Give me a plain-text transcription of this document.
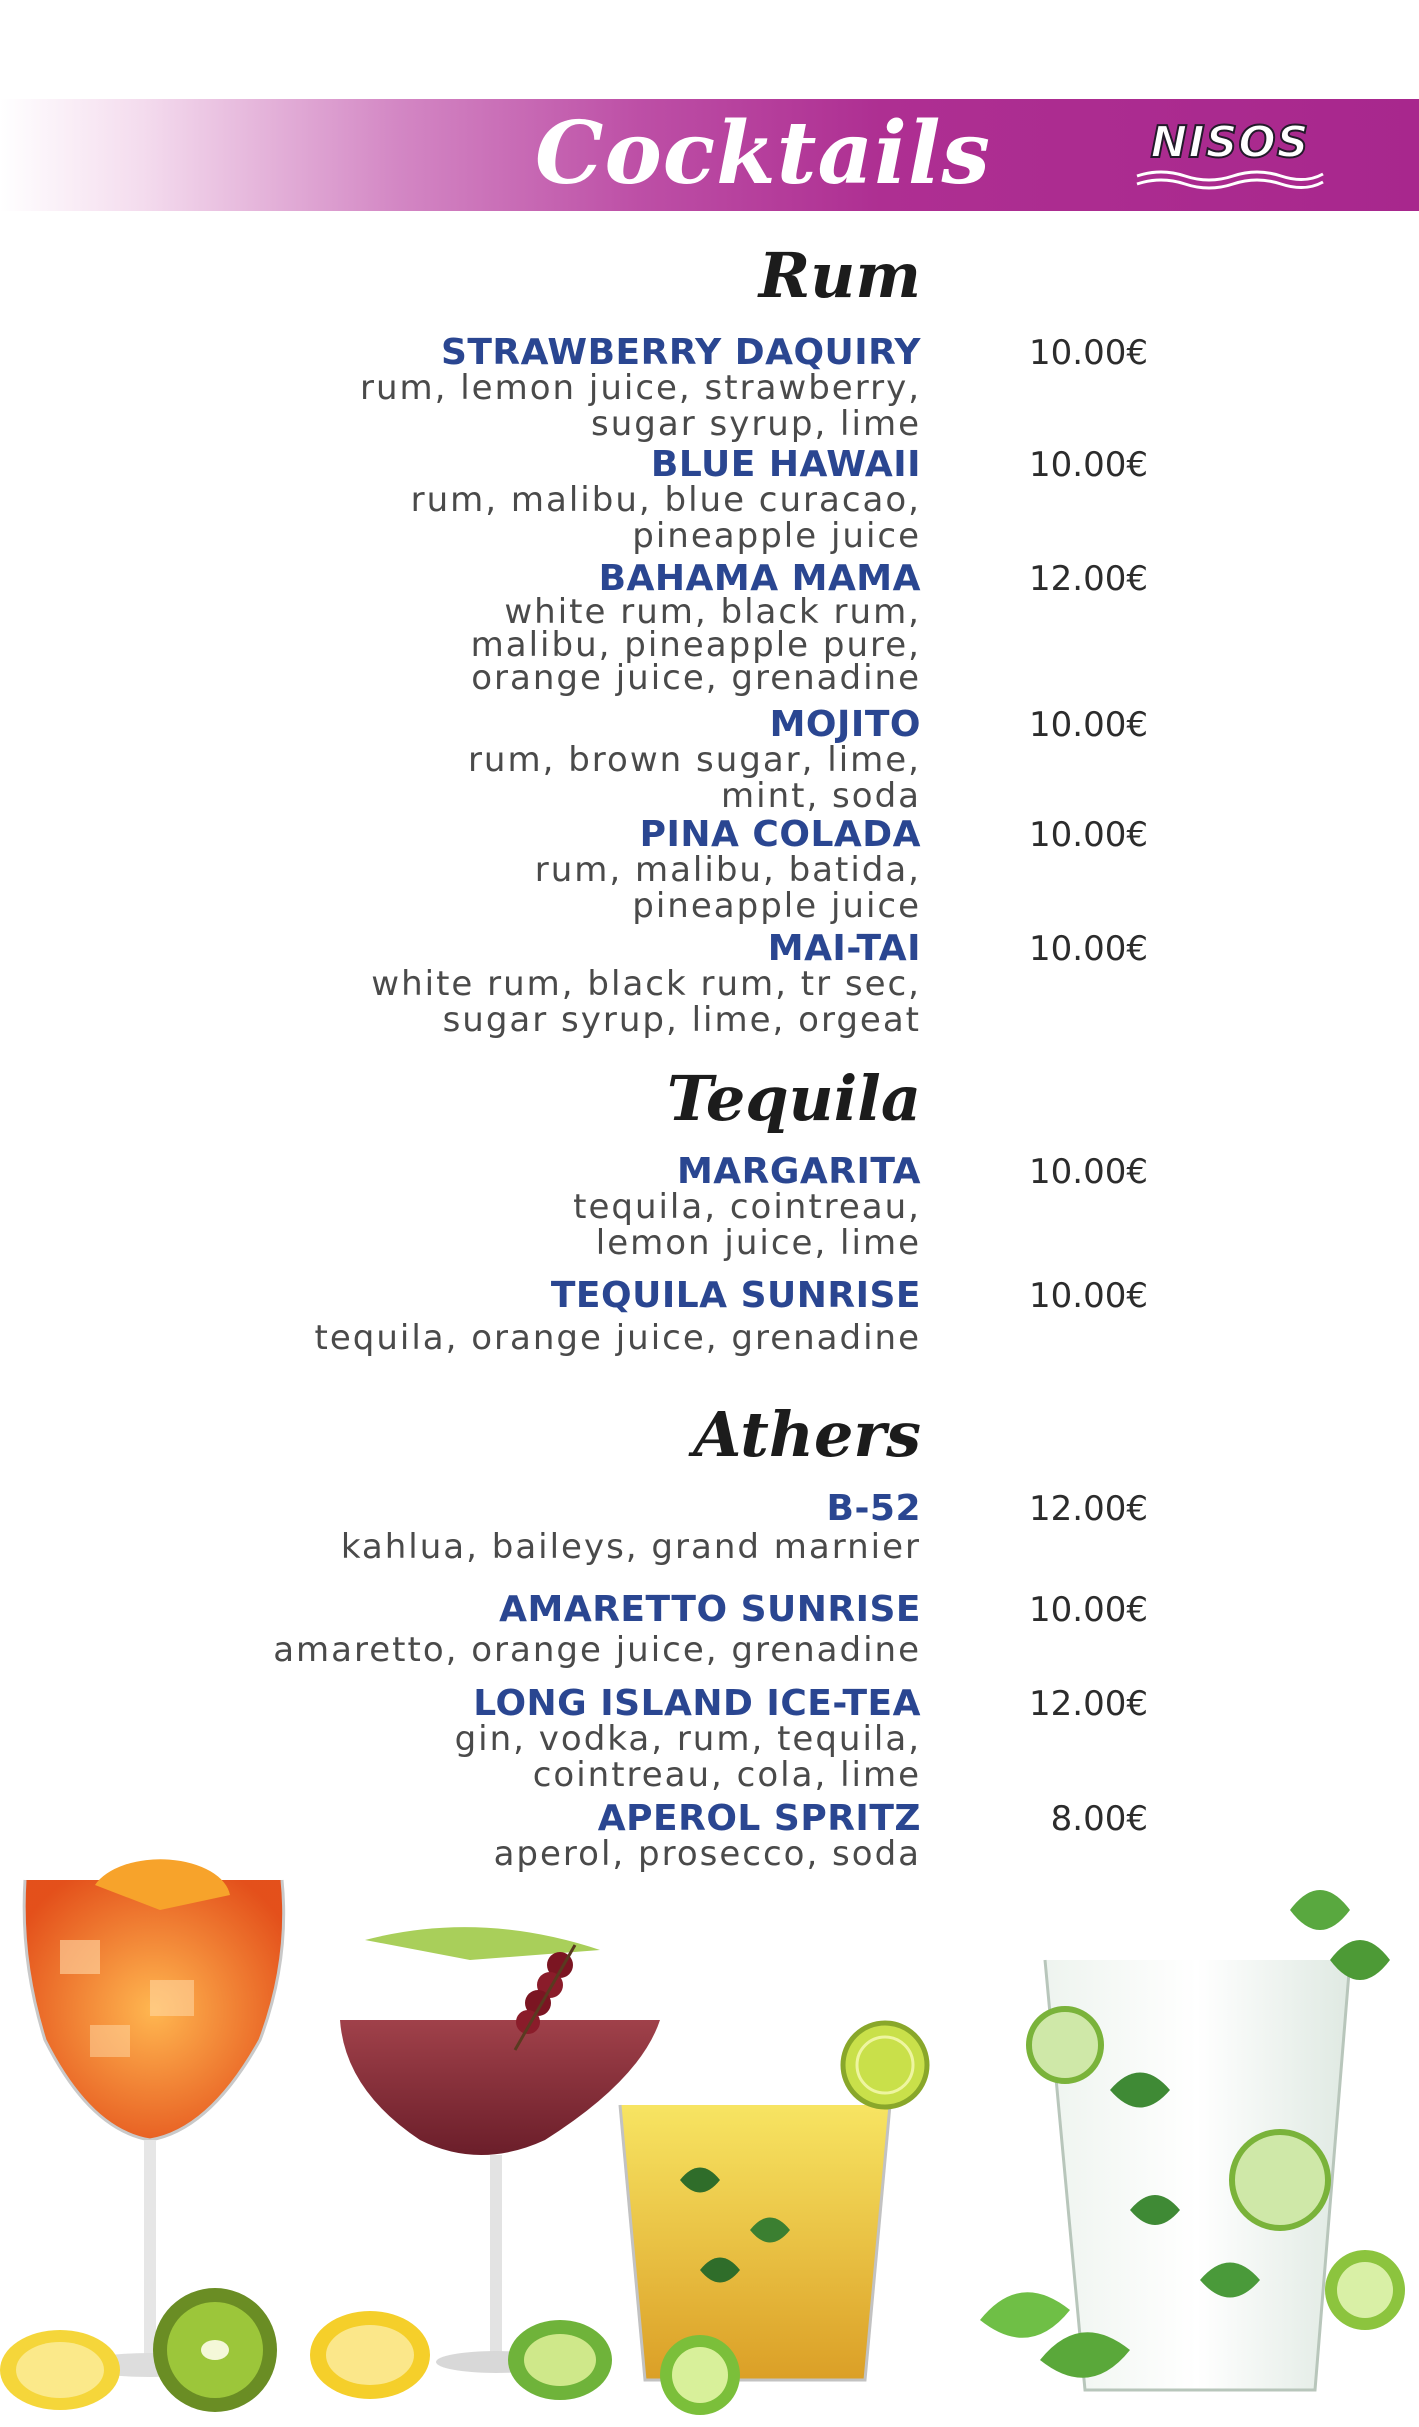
Cocktails	NISOS
Rum
STRAWBERRY DAQUIRY	10.00€
rum, lemon juice, strawberry,
sugar syrup, lime
BLUE HAWAII	10.00€
rum, malibu, blue curacao,
pineapple juice
BAHAMA MAMA	12.00€
white rum, black rum,
malibu, pineapple pure,
orange juice, grenadine
MOJITO	10.00€
rum, brown sugar, lime,
mint, soda
PINA COLADA	10.00€
rum, malibu, batida,
pineapple juice
MAI-TAI	10.00€
white rum, black rum, tr sec,
sugar syrup, lime, orgeat
Tequila
MARGARITA	10.00€
tequila, cointreau,
lemon juice, lime
TEQUILA SUNRISE	10.00€
tequila, orange juice, grenadine
Athers
B-52	12.00€
kahlua, baileys, grand marnier
AMARETTO SUNRISE	10.00€
amaretto, orange juice, grenadine
LONG ISLAND ICE-TEA	12.00€
gin, vodka, rum, tequila,
cointreau, cola, lime
APEROL SPRITZ	8.00€
aperol, prosecco, soda
